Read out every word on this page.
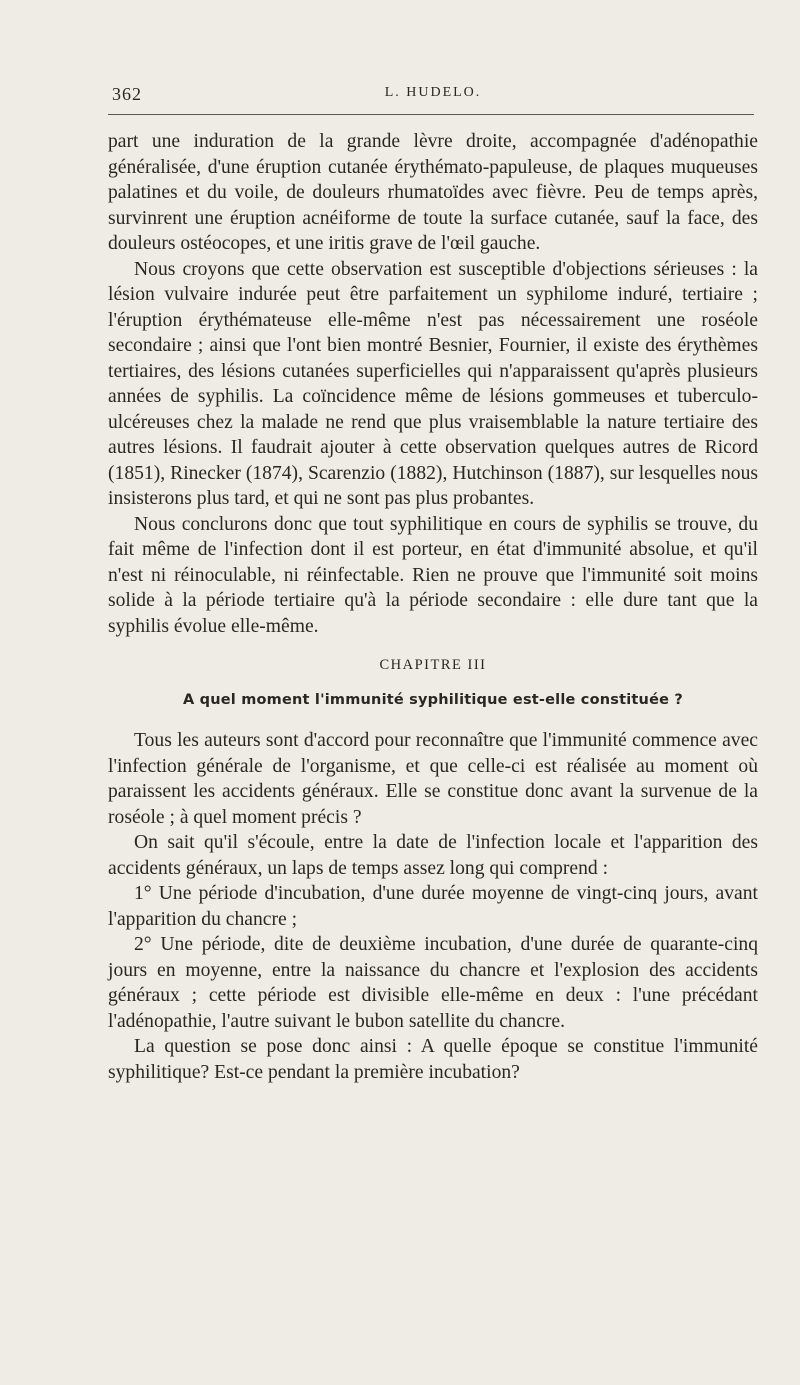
362	L. HUDELO.

part une induration de la grande lèvre droite, accompagnée d'adénopathie généralisée, d'une éruption cutanée érythémato-papuleuse, de plaques muqueuses palatines et du voile, de douleurs rhumatoïdes avec fièvre. Peu de temps après, survinrent une éruption acnéiforme de toute la surface cutanée, sauf la face, des douleurs ostéocopes, et une iritis grave de l'œil gauche.

Nous croyons que cette observation est susceptible d'objections sérieuses : la lésion vulvaire indurée peut être parfaitement un syphilome induré, tertiaire ; l'éruption érythémateuse elle-même n'est pas nécessairement une roséole secondaire ; ainsi que l'ont bien montré Besnier, Fournier, il existe des érythèmes tertiaires, des lésions cutanées superficielles qui n'apparaissent qu'après plusieurs années de syphilis. La coïncidence même de lésions gommeuses et tuberculo-ulcéreuses chez la malade ne rend que plus vraisemblable la nature tertiaire des autres lésions. Il faudrait ajouter à cette observation quelques autres de Ricord (1851), Rinecker (1874), Scarenzio (1882), Hutchinson (1887), sur lesquelles nous insisterons plus tard, et qui ne sont pas plus probantes.

Nous conclurons donc que tout syphilitique en cours de syphilis se trouve, du fait même de l'infection dont il est porteur, en état d'immunité absolue, et qu'il n'est ni réinoculable, ni réinfectable. Rien ne prouve que l'immunité soit moins solide à la période tertiaire qu'à la période secondaire : elle dure tant que la syphilis évolue elle-même.

CHAPITRE III
A quel moment l'immunité syphilitique est-elle constituée ?

Tous les auteurs sont d'accord pour reconnaître que l'immunité commence avec l'infection générale de l'organisme, et que celle-ci est réalisée au moment où paraissent les accidents généraux. Elle se constitue donc avant la survenue de la roséole ; à quel moment précis ?

On sait qu'il s'écoule, entre la date de l'infection locale et l'apparition des accidents généraux, un laps de temps assez long qui comprend :

1° Une période d'incubation, d'une durée moyenne de vingt-cinq jours, avant l'apparition du chancre ;

2° Une période, dite de deuxième incubation, d'une durée de quarante-cinq jours en moyenne, entre la naissance du chancre et l'explosion des accidents généraux ; cette période est divisible elle-même en deux : l'une précédant l'adénopathie, l'autre suivant le bubon satellite du chancre.

La question se pose donc ainsi : A quelle époque se constitue l'immunité syphilitique? Est-ce pendant la première incubation?
